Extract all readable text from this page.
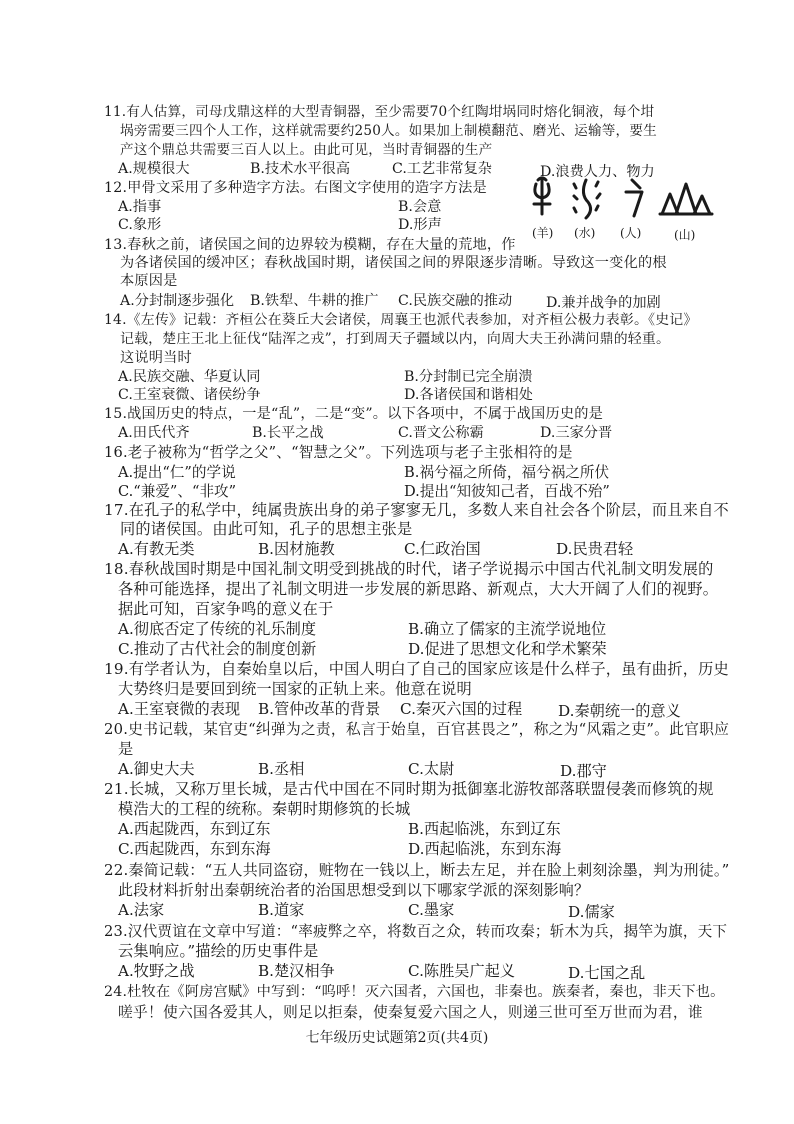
11.有人估算，司母戊鼎这样的大型青铜器，至少需要70个红陶坩埚同时熔化铜液，每个坩
埚旁需要三四个人工作，这样就需要约250人。如果加上制模翻范、磨光、运输等，要生
产这个鼎总共需要三百人以上。由此可见，当时青铜器的生产
A.规模很大	B.技术水平很高	C.工艺非常复杂	D.浪费人力、物力
12.甲骨文采用了多种造字方法。右图文字使用的造字方法是
A.指事	B.会意
C.象形	D.形声	(羊) (水) (人)	(山)
13.春秋之前，诸侯国之间的边界较为模糊，存在大量的荒地，作
为各诸侯国的缓冲区；春秋战国时期，诸侯国之间的界限逐步清晰。导致这一变化的根
本原因是
A.分封制逐步强化 B.铁犁、牛耕的推广 C.民族交融的推动 D.兼并战争的加剧
14.《左传》记载：齐桓公在葵丘大会诸侯，周襄王也派代表参加，对齐桓公极力表彰。《史记》
记载，楚庄王北上征伐“陆浑之戎”，打到周天子疆域以内，向周大夫王孙满问鼎的轻重。
这说明当时
A.民族交融、华夏认同	B.分封制已完全崩溃
C.王室衰微、诸侯纷争	D.各诸侯国和谐相处
15.战国历史的特点，一是“乱”，二是“变”。以下各项中，不属于战国历史的是
A.田氏代齐	B.长平之战	C.晋文公称霸	D.三家分晋
16.老子被称为“哲学之父”、“智慧之父”。下列选项与老子主张相符的是
A.提出“仁”的学说	B.祸兮福之所倚，福兮祸之所伏
C.“兼爱”、“非攻”	D.提出“知彼知己者，百战不殆”
17.在孔子的私学中，纯属贵族出身的弟子寥寥无几，多数人来自社会各个阶层，而且来自不
同的诸侯国。由此可知，孔子的思想主张是
A.有教无类	B.因材施教	C.仁政治国	D.民贵君轻
18.春秋战国时期是中国礼制文明受到挑战的时代，诸子学说揭示中国古代礼制文明发展的
各种可能选择，提出了礼制文明进一步发展的新思路、新观点，大大开阔了人们的视野。
据此可知，百家争鸣的意义在于
A.彻底否定了传统的礼乐制度	B.确立了儒家的主流学说地位
C.推动了古代社会的制度创新	D.促进了思想文化和学术繁荣
19.有学者认为，自秦始皇以后，中国人明白了自己的国家应该是什么样子，虽有曲折，历史
大势终归是要回到统一国家的正轨上来。他意在说明
A.王室衰微的表现 B.管仲改革的背景 C.秦灭六国的过程 D.秦朝统一的意义
20.史书记载，某官吏“纠弹为之责，私言于始皇，百官甚畏之”，称之为“风霜之吏”。此官职应
是
A.御史大夫	B.丞相	C.太尉	D.郡守
21.长城，又称万里长城，是古代中国在不同时期为抵御塞北游牧部落联盟侵袭而修筑的规
模浩大的工程的统称。秦朝时期修筑的长城
A.西起陇西，东到辽东	B.西起临洮，东到辽东
C.西起陇西，东到东海	D.西起临洮，东到东海
22.秦简记载：“五人共同盗窃，赃物在一钱以上，断去左足，并在脸上刺刻涂墨，判为刑徒。”
此段材料折射出秦朝统治者的治国思想受到以下哪家学派的深刻影响？
A.法家	B.道家	C.墨家	D.儒家
23.汉代贾谊在文章中写道：“率疲弊之卒，将数百之众，转而攻秦；斩木为兵，揭竿为旗，天下
云集响应。”描绘的历史事件是
A.牧野之战	B.楚汉相争	C.陈胜吴广起义	D.七国之乱
24.杜牧在《阿房宫赋》中写到：“呜呼！灭六国者，六国也，非秦也。族秦者，秦也，非天下也。
嗟乎！使六国各爱其人，则足以拒秦，使秦复爱六国之人，则递三世可至万世而为君，谁
七年级历史试题第2页(共4页)
